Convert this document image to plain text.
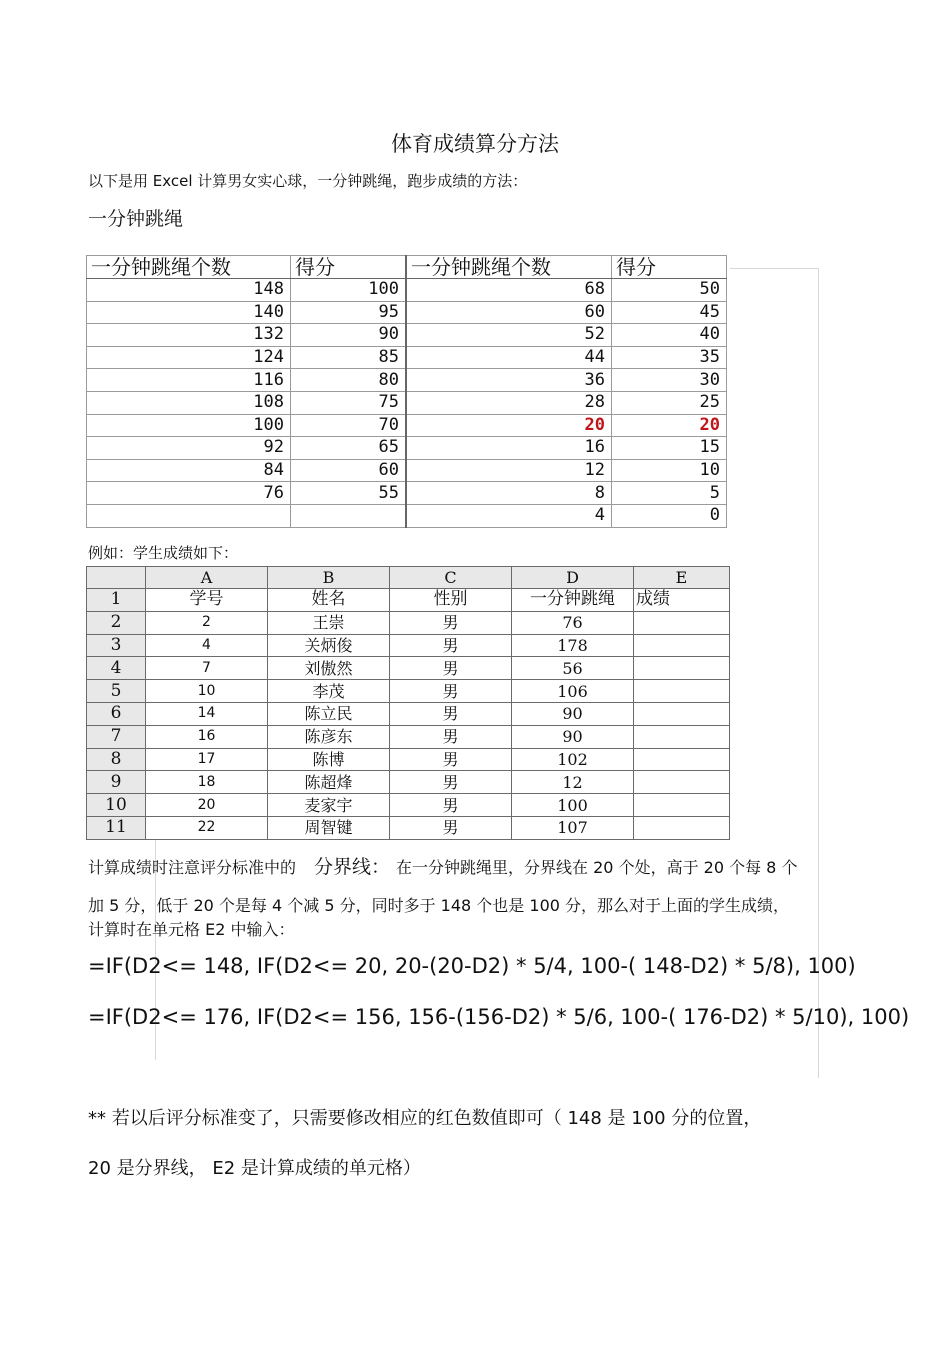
体育成绩算分方法
以下是用 Excel 计算男女实心球，一分钟跳绳，跑步成绩的方法：
一分钟跳绳
一分钟跳绳个数	得分	一分钟跳绳个数	得分
148	100	68	50
140	95	60	45
132	90	52	40
124	85	44	35
116	80	36	30
108	75	28	25
100	70	20	20
92	65	16	15
84	60	12	10
76	55	8	5
		4	0
例如：学生成绩如下：
	A	B	C	D	E
1	学号	姓名	性别	一分钟跳绳	成绩
2	2	王崇	男	76	
3	4	关炳俊	男	178	
4	7	刘傲然	男	56	
5	10	李茂	男	106	
6	14	陈立民	男	90	
7	16	陈彦东	男	90	
8	17	陈博	男	102	
9	18	陈超烽	男	12	
10	20	麦家宇	男	100	
11	22	周智键	男	107	
计算成绩时注意评分标准中的 分界线： 在一分钟跳绳里，分界线在 20 个处，高于 20 个每 8 个
加 5 分，低于 20 个是每 4 个减 5 分，同时多于 148 个也是 100 分，那么对于上面的学生成绩，
计算时在单元格 E2 中输入：
=IF(D2<= 148, IF(D2<= 20, 20-(20-D2) * 5/4, 100-( 148-D2) * 5/8), 100)
=IF(D2<= 176, IF(D2<= 156, 156-(156-D2) * 5/6, 100-( 176-D2) * 5/10), 100)
** 若以后评分标准变了，只需要修改相应的红色数值即可（ 148 是 100 分的位置，
20 是分界线， E2 是计算成绩的单元格）
